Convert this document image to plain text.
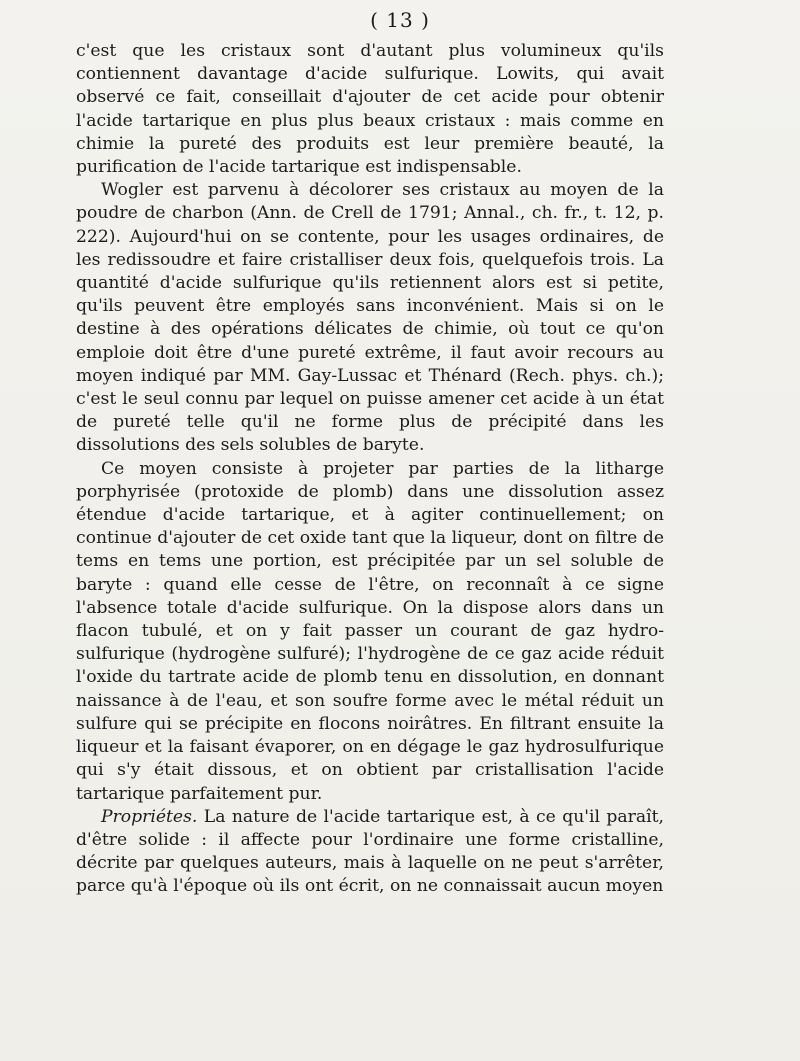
( 13 )

c'est que les cristaux sont d'autant plus volumineux qu'ils contiennent davantage d'acide sulfurique. Lowits, qui avait observé ce fait, conseillait d'ajouter de cet acide pour obtenir l'acide tartarique en plus plus beaux cristaux : mais comme en chimie la pureté des produits est leur première beauté, la purification de l'acide tartarique est indispensable.

Wogler est parvenu à décolorer ses cristaux au moyen de la poudre de charbon (Ann. de Crell de 1791; Annal., ch. fr., t. 12, p. 222). Aujourd'hui on se contente, pour les usages ordinaires, de les redissoudre et faire cristalliser deux fois, quelquefois trois. La quantité d'acide sulfurique qu'ils retiennent alors est si petite, qu'ils peuvent être employés sans inconvénient. Mais si on le destine à des opérations délicates de chimie, où tout ce qu'on emploie doit être d'une pureté extrême, il faut avoir recours au moyen indiqué par MM. Gay-Lussac et Thénard (Rech. phys. ch.); c'est le seul connu par lequel on puisse amener cet acide à un état de pureté telle qu'il ne forme plus de précipité dans les dissolutions des sels solubles de baryte.

Ce moyen consiste à projeter par parties de la litharge porphyrisée (protoxide de plomb) dans une dissolution assez étendue d'acide tartarique, et à agiter continuellement; on continue d'ajouter de cet oxide tant que la liqueur, dont on filtre de tems en tems une portion, est précipitée par un sel soluble de baryte : quand elle cesse de l'être, on reconnaît à ce signe l'absence totale d'acide sulfurique. On la dispose alors dans un flacon tubulé, et on y fait passer un courant de gaz hydro-sulfurique (hydrogène sulfuré); l'hydrogène de ce gaz acide réduit l'oxide du tartrate acide de plomb tenu en dissolution, en donnant naissance à de l'eau, et son soufre forme avec le métal réduit un sulfure qui se précipite en flocons noirâtres. En filtrant ensuite la liqueur et la faisant évaporer, on en dégage le gaz hydrosulfurique qui s'y était dissous, et on obtient par cristallisation l'acide tartarique parfaitement pur.

Propriétes. La nature de l'acide tartarique est, à ce qu'il paraît, d'être solide : il affecte pour l'ordinaire une forme cristalline, décrite par quelques auteurs, mais à laquelle on ne peut s'arrêter, parce qu'à l'époque où ils ont écrit, on ne connaissait aucun moyen
